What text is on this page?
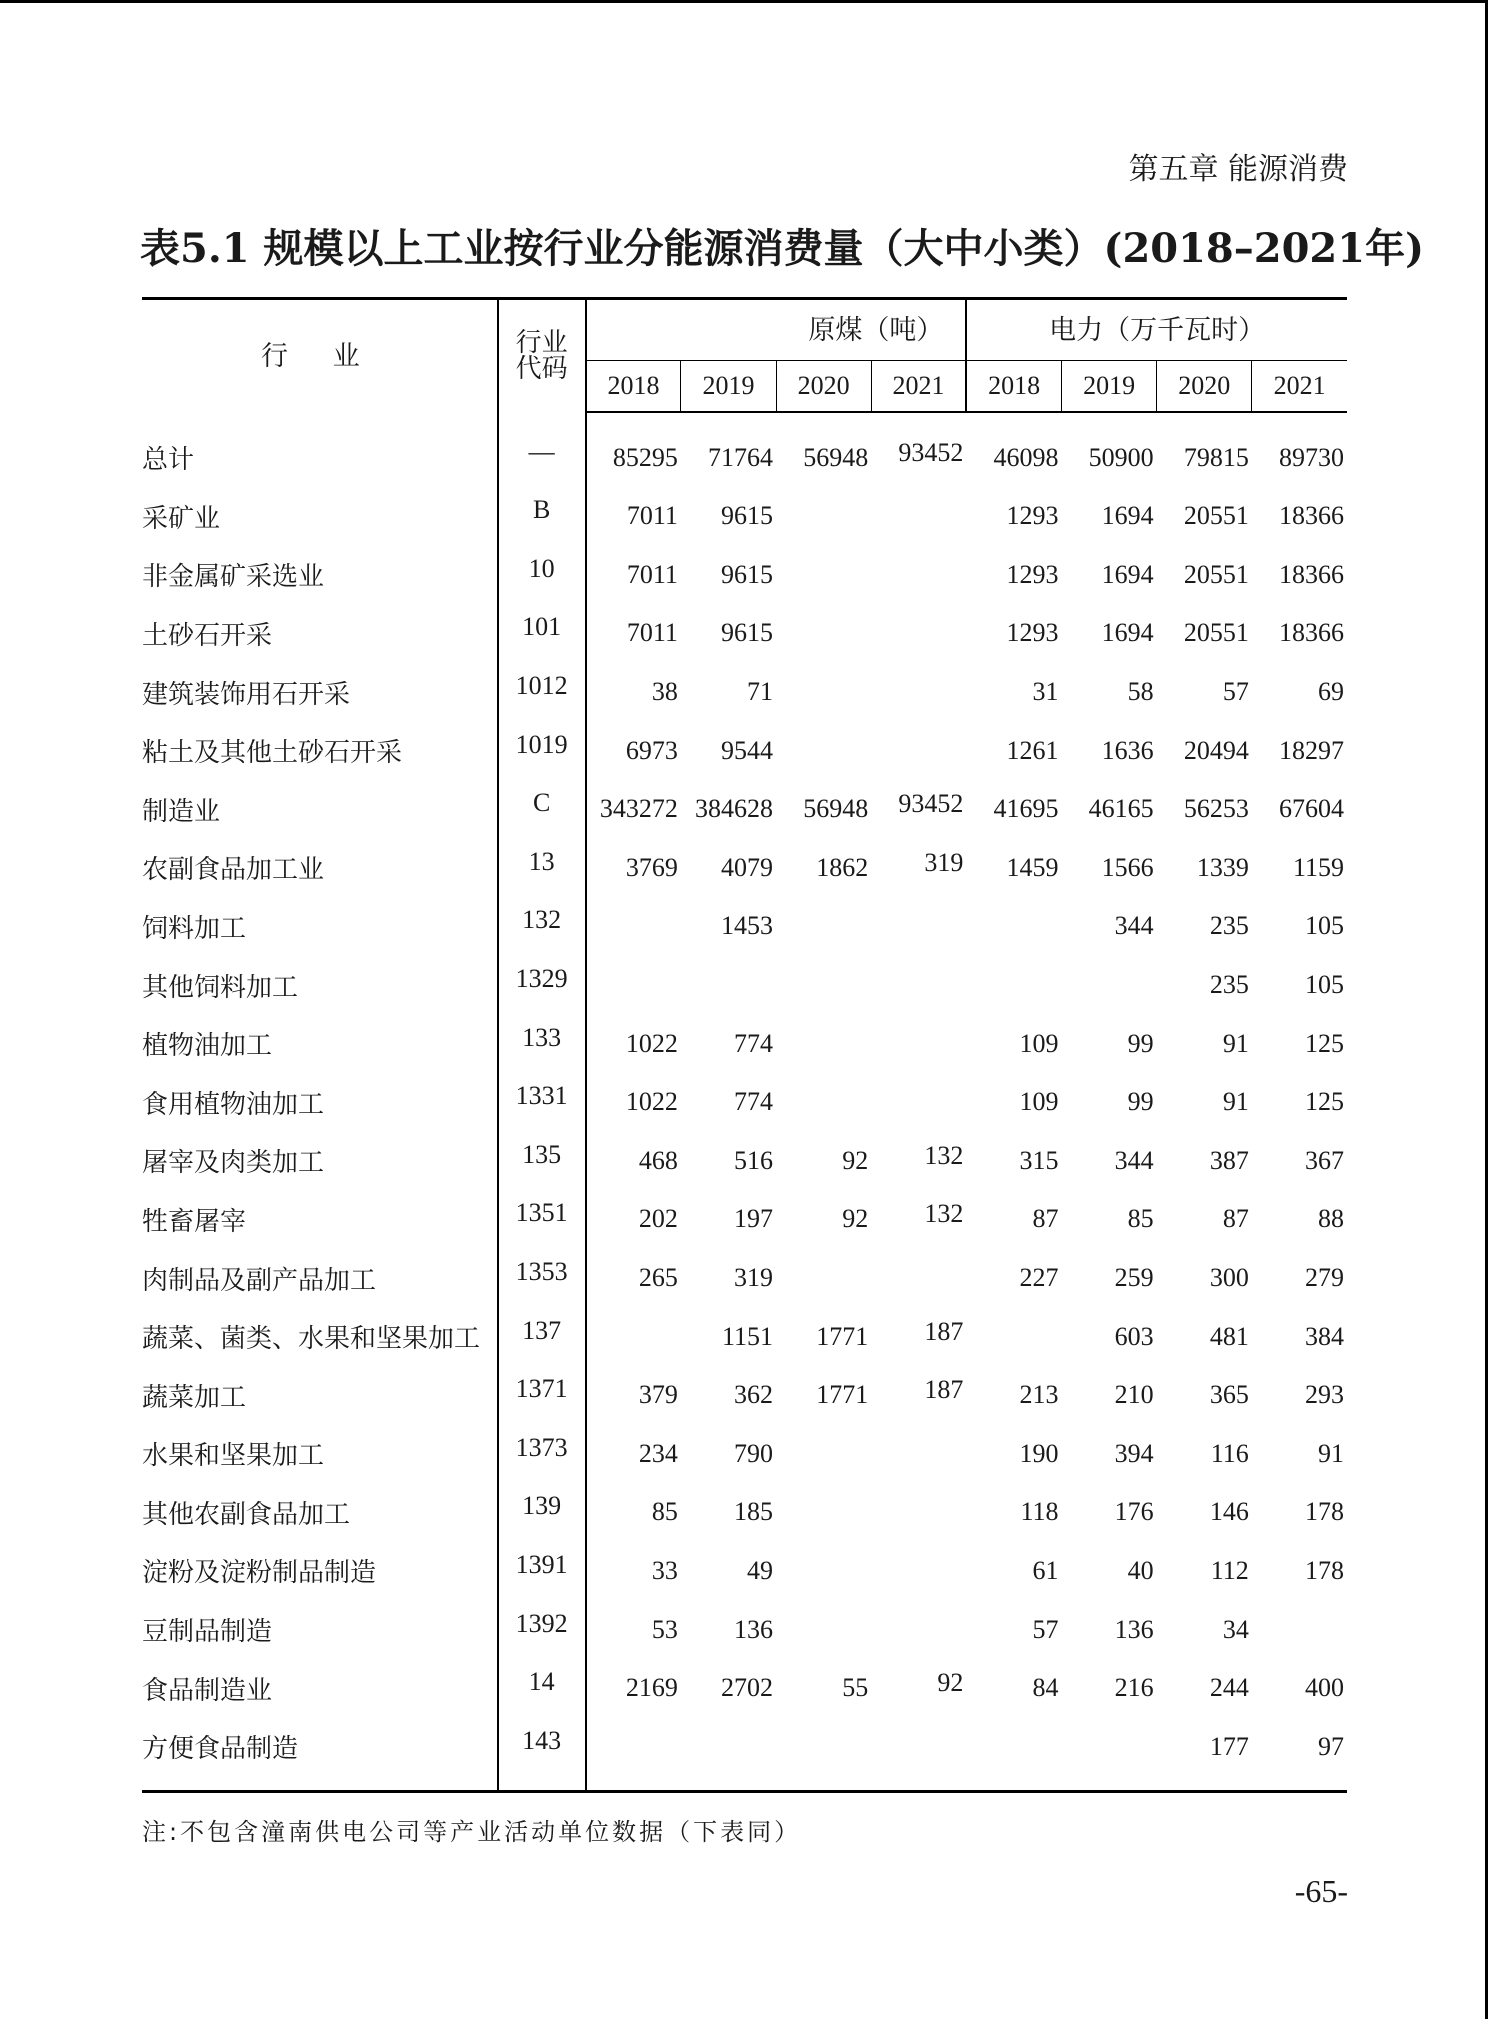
第五章 能源消费
表5.1 规模以上工业按行业分能源消费量（大中小类）(2018–2021年)
行 业	行业
代码	原煤（吨）				电力（万千瓦时）			
		2018	2019	2020	2021	2018	2019	2020	2021
总计	—	85295	71764	56948	93452	46098	50900	79815	89730
采矿业	B	7011	9615			1293	1694	20551	18366
非金属矿采选业	10	7011	9615			1293	1694	20551	18366
土砂石开采	101	7011	9615			1293	1694	20551	18366
建筑装饰用石开采	1012	38	71			31	58	57	69
粘土及其他土砂石开采	1019	6973	9544			1261	1636	20494	18297
制造业	C	343272	384628	56948	93452	41695	46165	56253	67604
农副食品加工业	13	3769	4079	1862	319	1459	1566	1339	1159
饲料加工	132		1453				344	235	105
其他饲料加工	1329							235	105
植物油加工	133	1022	774			109	99	91	125
食用植物油加工	1331	1022	774			109	99	91	125
屠宰及肉类加工	135	468	516	92	132	315	344	387	367
牲畜屠宰	1351	202	197	92	132	87	85	87	88
肉制品及副产品加工	1353	265	319			227	259	300	279
蔬菜、菌类、水果和坚果加工	137		1151	1771	187		603	481	384
蔬菜加工	1371	379	362	1771	187	213	210	365	293
水果和坚果加工	1373	234	790			190	394	116	91
其他农副食品加工	139	85	185			118	176	146	178
淀粉及淀粉制品制造	1391	33	49			61	40	112	178
豆制品制造	1392	53	136			57	136	34	
食品制造业	14	2169	2702	55	92	84	216	244	400
方便食品制造	143							177	97
注:不包含潼南供电公司等产业活动单位数据（下表同）
-65-
